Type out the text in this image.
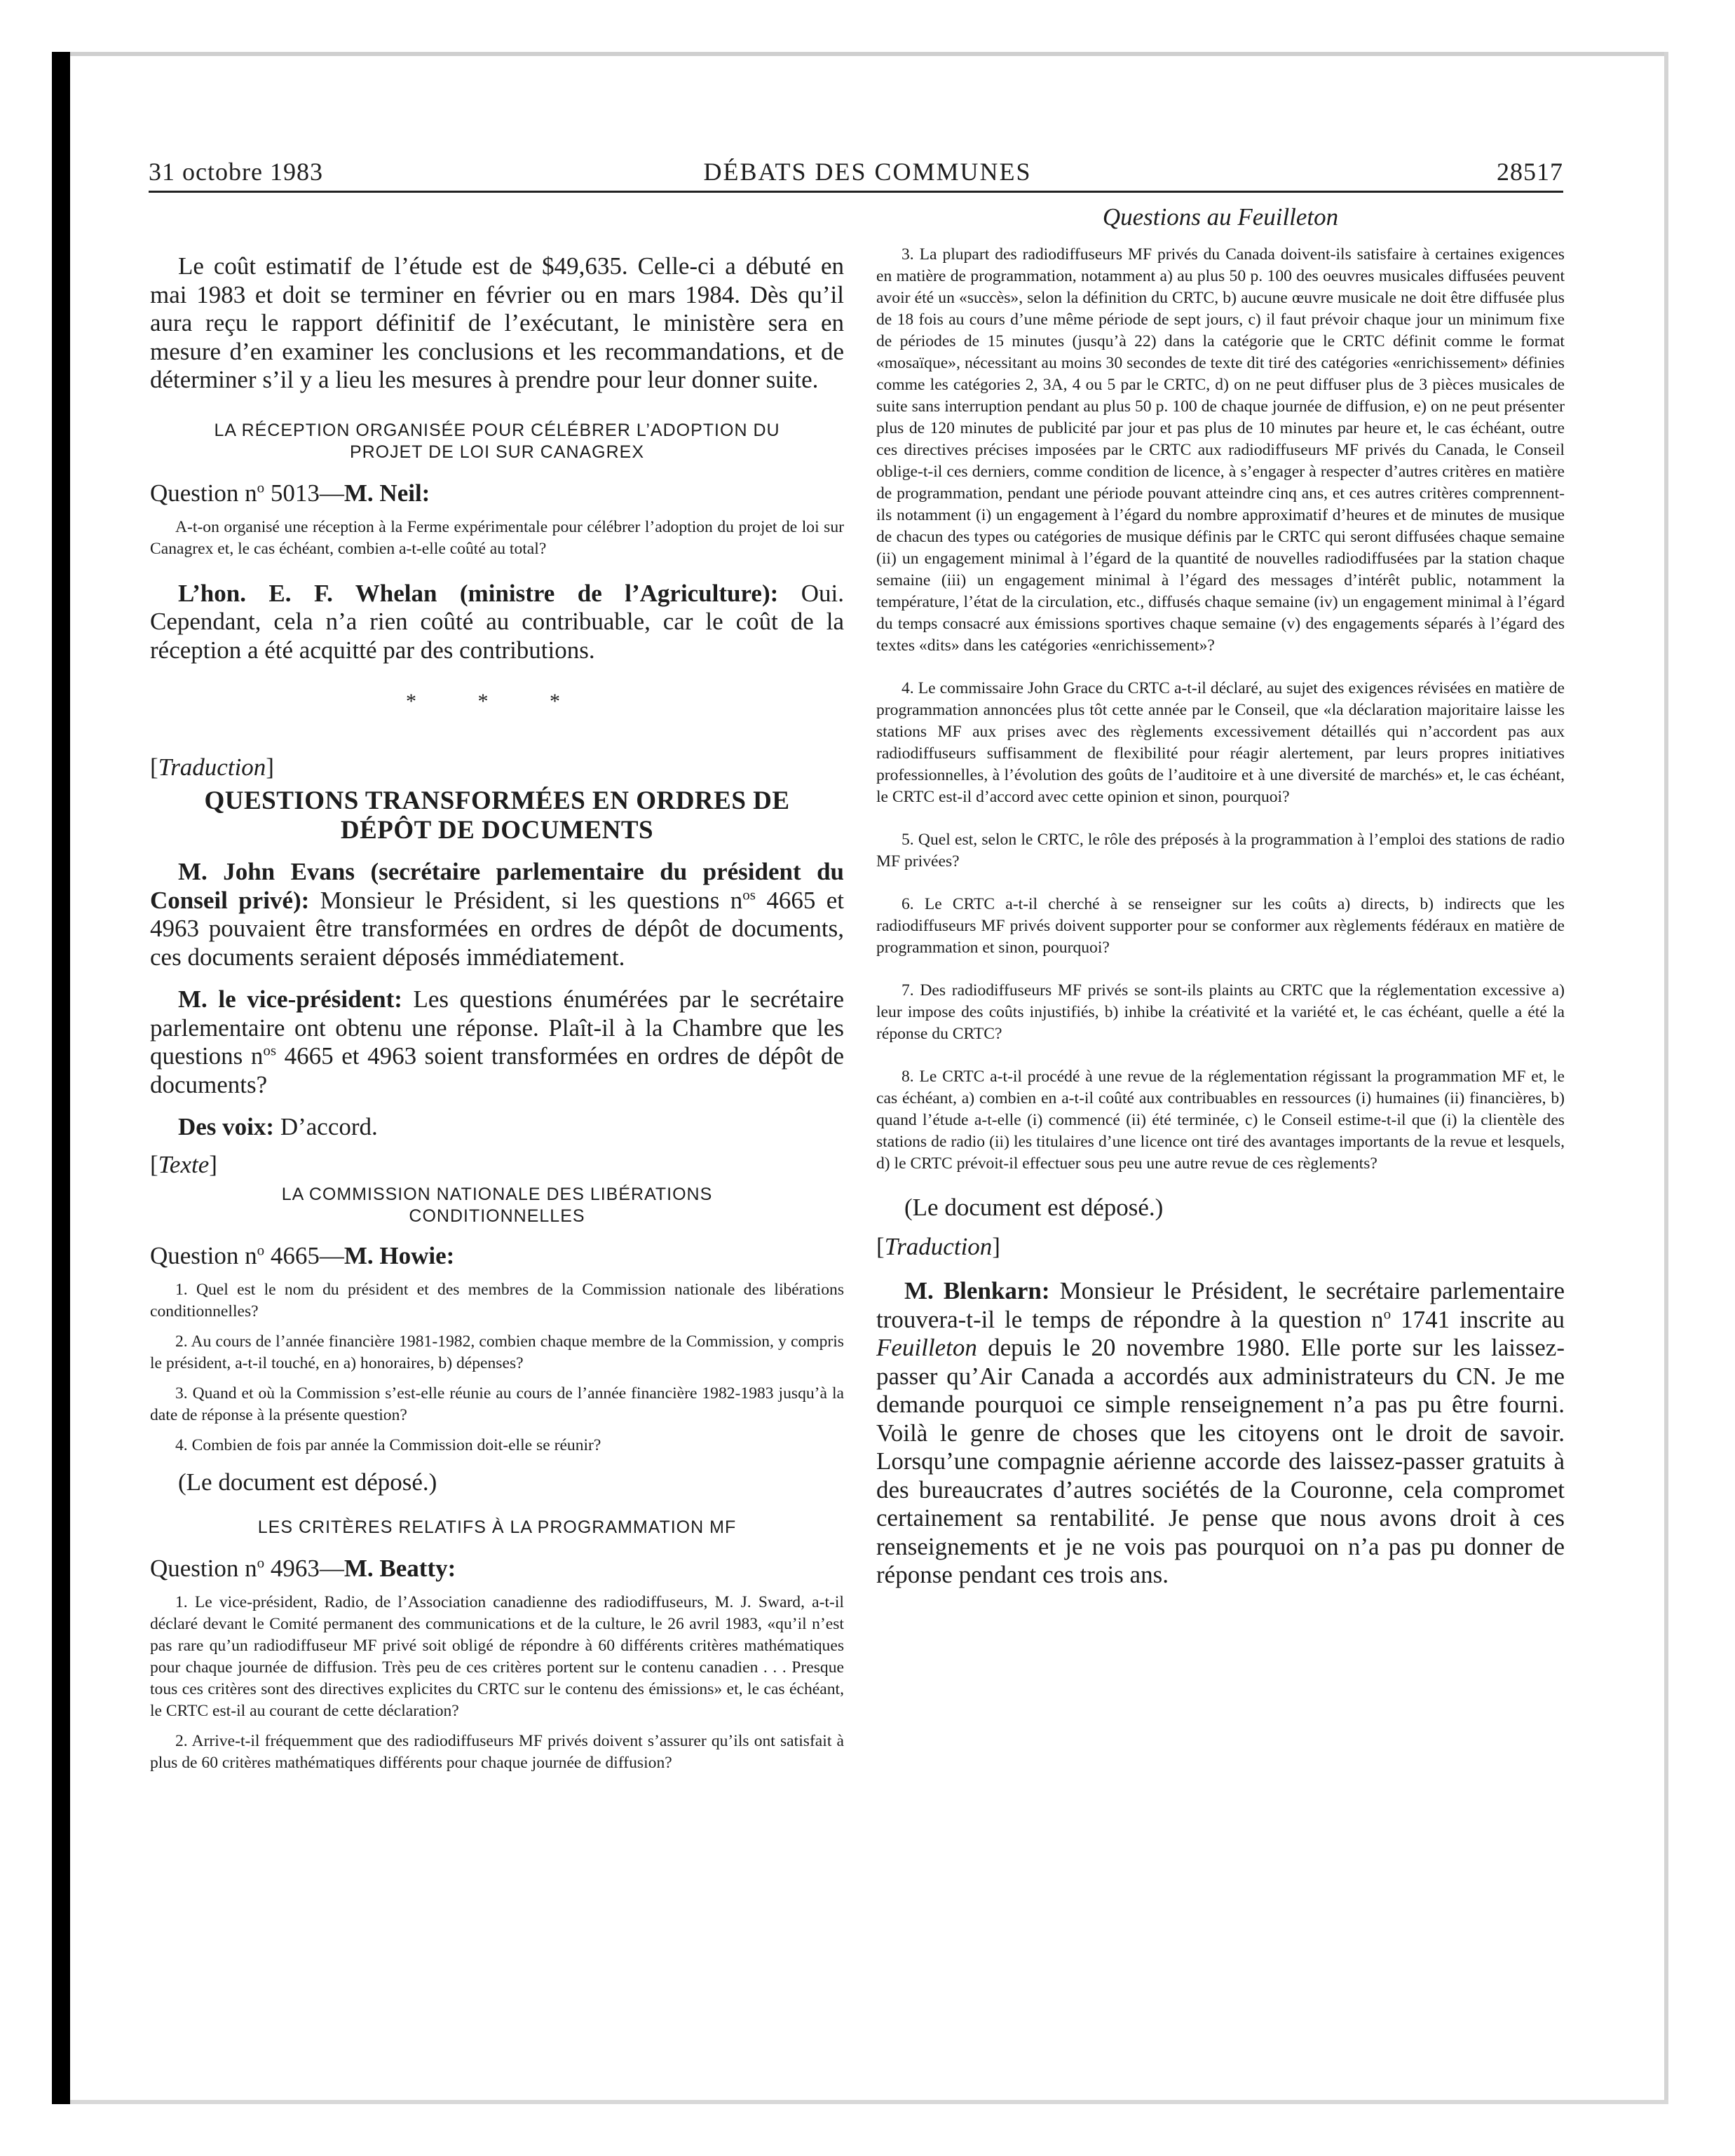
31 octobre 1983	DÉBATS DES COMMUNES	28517

Le coût estimatif de l’étude est de $49,635. Celle-ci a débuté en mai 1983 et doit se terminer en février ou en mars 1984. Dès qu’il aura reçu le rapport définitif de l’exécutant, le ministère sera en mesure d’en examiner les conclusions et les recommandations, et de déterminer s’il y a lieu les mesures à prendre pour leur donner suite.

LA RÉCEPTION ORGANISÉE POUR CÉLÉBRER L’ADOPTION DU
PROJET DE LOI SUR CANAGREX
Question $n^o$ 5013—M. Neil:

A-t-on organisé une réception à la Ferme expérimentale pour célébrer l’adoption du projet de loi sur Canagrex et, le cas échéant, combien a-t-elle coûté au total?

L’hon. E. F. Whelan (ministre de l’Agriculture): Oui. Cependant, cela n’a rien coûté au contribuable, car le coût de la réception a été acquitté par des contributions.

* * *
[Traduction]
QUESTIONS TRANSFORMÉES EN ORDRES DE
DÉPÔT DE DOCUMENTS

M. John Evans (secrétaire parlementaire du président du Conseil privé): Monsieur le Président, si les questions $n^{os}$ 4665 et 4963 pouvaient être transformées en ordres de dépôt de documents, ces documents seraient déposés immédiatement.

M. le vice-président: Les questions énumérées par le secrétaire parlementaire ont obtenu une réponse. Plaît-il à la Chambre que les questions $n^{os}$ 4665 et 4963 soient transformées en ordres de dépôt de documents?

Des voix: D’accord.

[Texte]
LA COMMISSION NATIONALE DES LIBÉRATIONS
CONDITIONNELLES
Question $n^o$ 4665—M. Howie:

1. Quel est le nom du président et des membres de la Commission nationale des libérations conditionnelles?

2. Au cours de l’année financière 1981-1982, combien chaque membre de la Commission, y compris le président, a-t-il touché, en a) honoraires, b) dépenses?

3. Quand et où la Commission s’est-elle réunie au cours de l’année financière 1982-1983 jusqu’à la date de réponse à la présente question?

4. Combien de fois par année la Commission doit-elle se réunir?

(Le document est déposé.)
LES CRITÈRES RELATIFS À LA PROGRAMMATION MF
Question $n^o$ 4963—M. Beatty:

1. Le vice-président, Radio, de l’Association canadienne des radiodiffuseurs, M. J. Sward, a-t-il déclaré devant le Comité permanent des communications et de la culture, le 26 avril 1983, «qu’il n’est pas rare qu’un radiodiffuseur MF privé soit obligé de répondre à 60 différents critères mathématiques pour chaque journée de diffusion. Très peu de ces critères portent sur le contenu canadien . . . Presque tous ces critères sont des directives explicites du CRTC sur le contenu des émissions» et, le cas échéant, le CRTC est-il au courant de cette déclaration?

2. Arrive-t-il fréquemment que des radiodiffuseurs MF privés doivent s’assurer qu’ils ont satisfait à plus de 60 critères mathématiques différents pour chaque journée de diffusion?

Questions au Feuilleton

3. La plupart des radiodiffuseurs MF privés du Canada doivent-ils satisfaire à certaines exigences en matière de programmation, notamment a) au plus 50 p. 100 des oeuvres musicales diffusées peuvent avoir été un «succès», selon la définition du CRTC, b) aucune œuvre musicale ne doit être diffusée plus de 18 fois au cours d’une même période de sept jours, c) il faut prévoir chaque jour un minimum fixe de périodes de 15 minutes (jusqu’à 22) dans la catégorie que le CRTC définit comme le format «mosaïque», nécessitant au moins 30 secondes de texte dit tiré des catégories «enrichissement» définies comme les catégories 2, 3A, 4 ou 5 par le CRTC, d) on ne peut diffuser plus de 3 pièces musicales de suite sans interruption pendant au plus 50 p. 100 de chaque journée de diffusion, e) on ne peut présenter plus de 120 minutes de publicité par jour et pas plus de 10 minutes par heure et, le cas échéant, outre ces directives précises imposées par le CRTC aux radiodiffuseurs MF privés du Canada, le Conseil oblige-t-il ces derniers, comme condition de licence, à s’engager à respecter d’autres critères en matière de programmation, pendant une période pouvant atteindre cinq ans, et ces autres critères comprennent-ils notamment (i) un engagement à l’égard du nombre approximatif d’heures et de minutes de musique de chacun des types ou catégories de musique définis par le CRTC qui seront diffusées chaque semaine (ii) un engagement minimal à l’égard de la quantité de nouvelles radiodiffusées par la station chaque semaine (iii) un engagement minimal à l’égard des messages d’intérêt public, notamment la température, l’état de la circulation, etc., diffusés chaque semaine (iv) un engagement minimal à l’égard du temps consacré aux émissions sportives chaque semaine (v) des engagements séparés à l’égard des textes «dits» dans les catégories «enrichissement»?

4. Le commissaire John Grace du CRTC a-t-il déclaré, au sujet des exigences révisées en matière de programmation annoncées plus tôt cette année par le Conseil, que «la déclaration majoritaire laisse les stations MF aux prises avec des règlements excessivement détaillés qui n’accordent pas aux radiodiffuseurs suffisamment de flexibilité pour réagir alertement, par leurs propres initiatives professionnelles, à l’évolution des goûts de l’auditoire et à une diversité de marchés» et, le cas échéant, le CRTC est-il d’accord avec cette opinion et sinon, pourquoi?

5. Quel est, selon le CRTC, le rôle des préposés à la programmation à l’emploi des stations de radio MF privées?

6. Le CRTC a-t-il cherché à se renseigner sur les coûts a) directs, b) indirects que les radiodiffuseurs MF privés doivent supporter pour se conformer aux règlements fédéraux en matière de programmation et sinon, pourquoi?

7. Des radiodiffuseurs MF privés se sont-ils plaints au CRTC que la réglementation excessive a) leur impose des coûts injustifiés, b) inhibe la créativité et la variété et, le cas échéant, quelle a été la réponse du CRTC?

8. Le CRTC a-t-il procédé à une revue de la réglementation régissant la programmation MF et, le cas échéant, a) combien en a-t-il coûté aux contribuables en ressources (i) humaines (ii) financières, b) quand l’étude a-t-elle (i) commencé (ii) été terminée, c) le Conseil estime-t-il que (i) la clientèle des stations de radio (ii) les titulaires d’une licence ont tiré des avantages importants de la revue et lesquels, d) le CRTC prévoit-il effectuer sous peu une autre revue de ces règlements?

(Le document est déposé.)
[Traduction]

M. Blenkarn: Monsieur le Président, le secrétaire parlementaire trouvera-t-il le temps de répondre à la question $n^o$ 1741 inscrite au Feuilleton depuis le 20 novembre 1980. Elle porte sur les laissez-passer qu’Air Canada a accordés aux administrateurs du CN. Je me demande pourquoi ce simple renseignement n’a pas pu être fourni. Voilà le genre de choses que les citoyens ont le droit de savoir. Lorsqu’une compagnie aérienne accorde des laissez-passer gratuits à des bureaucrates d’autres sociétés de la Couronne, cela compromet certainement sa rentabilité. Je pense que nous avons droit à ces renseignements et je ne vois pas pourquoi on n’a pas pu donner de réponse pendant ces trois ans.
